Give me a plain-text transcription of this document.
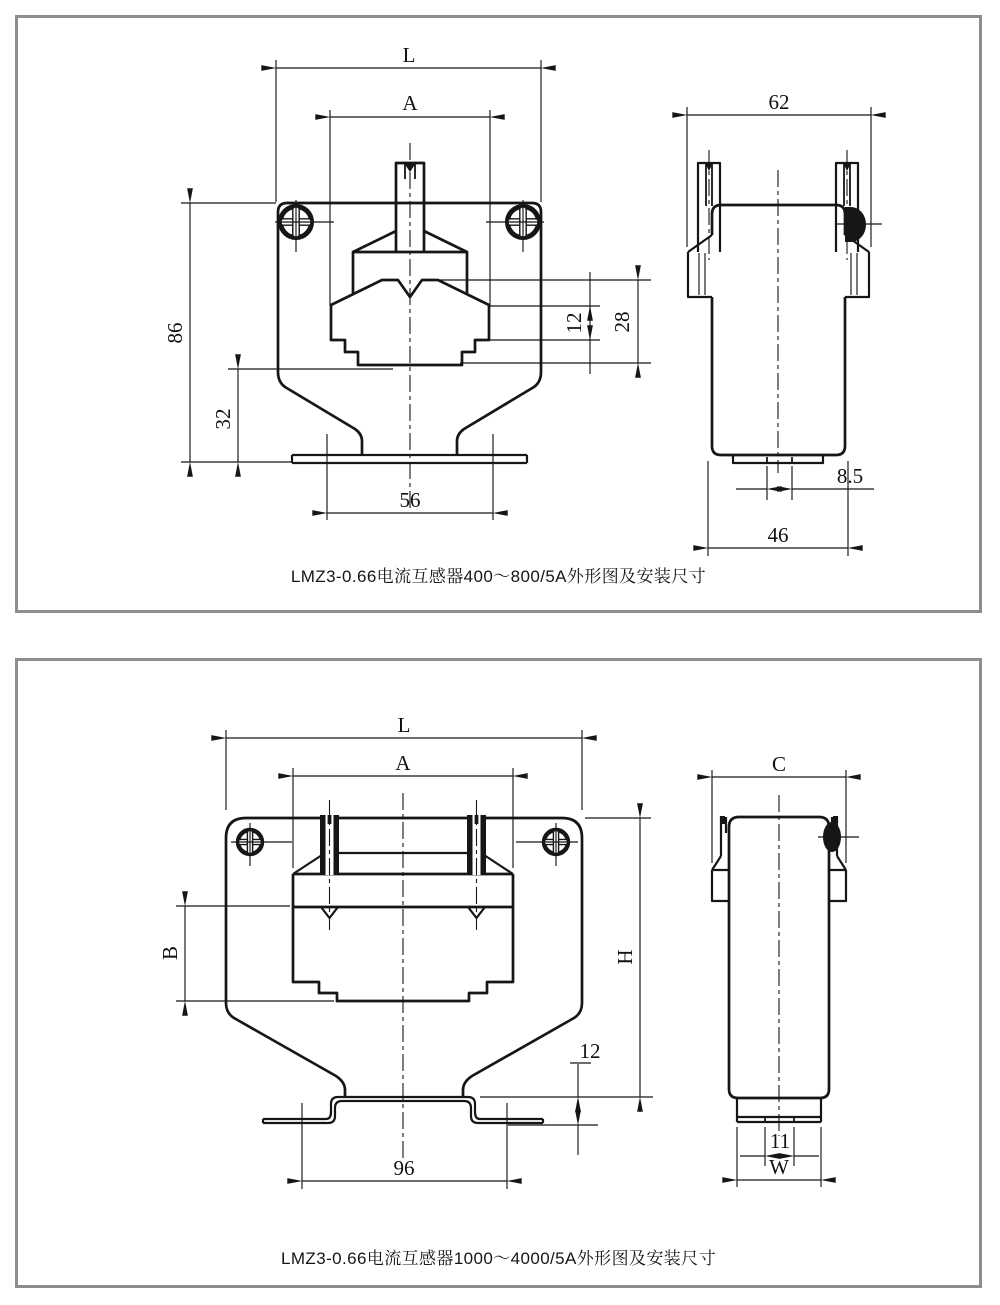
L
A
86
32
12 28
56
62
8.5
46
LMZ3-0.66电流互感器400～800/5A外形图及安装尺寸
L
A
B	H
12
96
C
11
W
LMZ3-0.66电流互感器1000～4000/5A外形图及安装尺寸
